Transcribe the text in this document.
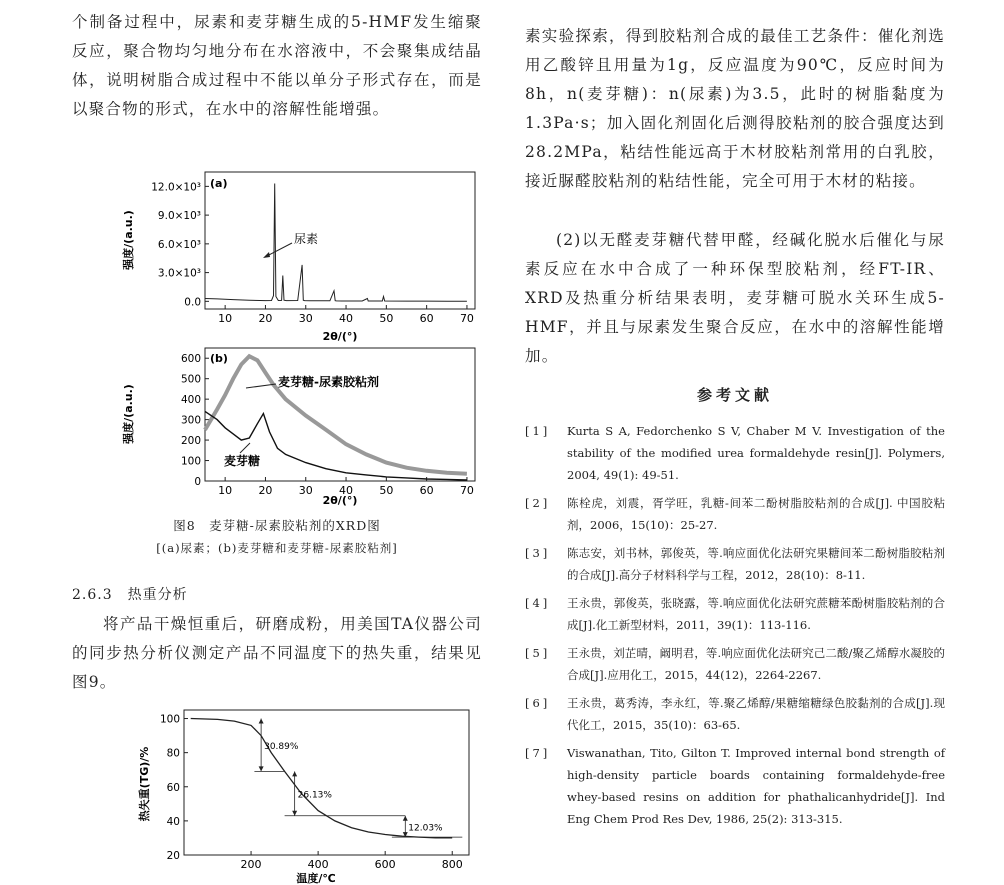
个制备过程中，尿素和麦芽糖生成的5-HMF发生缩聚反应，聚合物均匀地分布在水溶液中，不会聚集成结晶体，说明树脂合成过程中不能以单分子形式存在，而是以聚合物的形式，在水中的溶解性能增强。

10 20 30 40 50 60 70
0.0
3.0×10³
6.0×10³
9.0×10³
12.0×10³ (a)
尿素
强度/(a.u.)
2θ/(°)
10 20 30 40 50 60 70
0
100
200
300
400
500
600 (b)
麦芽糖-尿素胶粘剂
麦芽糖
强度/(a.u.)
2θ/(°)

图8　麦芽糖-尿素胶粘剂的XRD图

[(a)尿素；(b)麦芽糖和麦芽糖-尿素胶粘剂]

2.6.3　热重分析

将产品干燥恒重后，研磨成粉，用美国TA仪器公司的同步热分析仪测定产品不同温度下的热失重，结果见图9。

200	400	600	800
20
40
60
80
100
30.89%
26.13%
12.03%
热失重(TG)/%
温度/℃

素实验探索，得到胶粘剂合成的最佳工艺条件：催化剂选用乙酸锌且用量为1g，反应温度为90℃，反应时间为8h，n(麦芽糖)：n(尿素)为3.5，此时的树脂黏度为1.3Pa·s；加入固化剂固化后测得胶粘剂的胶合强度达到28.2MPa，粘结性能远高于木材胶粘剂常用的白乳胶，接近脲醛胶粘剂的粘结性能，完全可用于木材的粘接。

(2)以无醛麦芽糖代替甲醛，经碱化脱水后催化与尿素反应在水中合成了一种环保型胶粘剂，经FT-IR、XRD及热重分析结果表明，麦芽糖可脱水关环生成5-HMF，并且与尿素发生聚合反应，在水中的溶解性能增加。

参考文献

[1]	Kurta S A, Fedorchenko S V, Chaber M V. Investigation of the stability of the modified urea formaldehyde resin[J]. Polymers, 2004, 49(1): 49-51.
[2]	陈栓虎，刘震，胥学旺，乳糖-间苯二酚树脂胶粘剂的合成[J]. 中国胶粘剂，2006，15(10)：25-27.
[3]	陈志安，刘书林，郭俊英，等.响应面优化法研究果糖间苯二酚树脂胶粘剂的合成[J].高分子材料科学与工程，2012，28(10)：8-11.
[4]	王永贵，郭俊英，张晓露，等.响应面优化法研究蔗糖苯酚树脂胶粘剂的合成[J].化工新型材料，2011，39(1)：113-116.
[5]	王永贵，刘芷晴，阚明君，等.响应面优化法研究己二酸/聚乙烯醇水凝胶的合成[J].应用化工，2015，44(12)，2264-2267.
[6]	王永贵，葛秀涛，李永红，等.聚乙烯醇/果糖缩糖绿色胶黏剂的合成[J].现代化工，2015，35(10)：63-65.
[7]	Viswanathan, Tito, Gilton T. Improved internal bond strength of high-density particle boards containing formaldehyde-free whey-based resins on addition for phathalicanhydride[J]. Ind Eng Chem Prod Res Dev, 1986, 25(2): 313-315.
